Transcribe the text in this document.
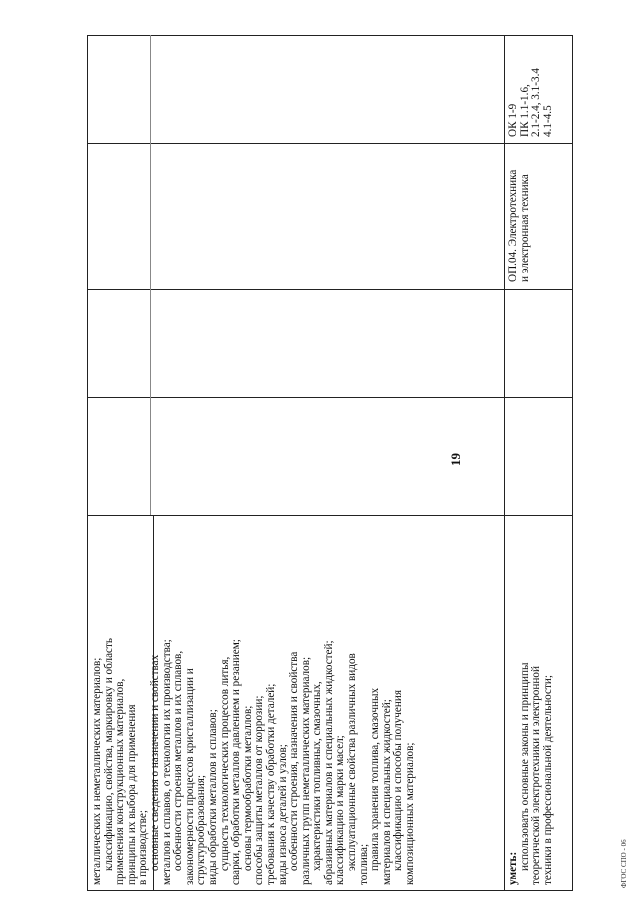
19
металлических и неметаллических материалов; классификацию, свойства, маркировку и область применения конструкционных материалов, принципы их выбора для применения в производстве; основные сведения о назначении и свойствах металлов и сплавов, о технологии их производства; особенности строения металлов и их сплавов, закономерности процессов кристаллизации и структурообразования; виды обработки металлов и сплавов; сущность технологических процессов литья, сварки, обработки металлов давлением и резанием; основы термообработки металлов; способы защиты металлов от коррозии; требования к качеству обработки деталей; виды износа деталей и узлов; особенности строения, назначения и свойства различных групп неметаллических материалов; характеристики топливных, смазочных, абразивных материалов и специальных жидкостей; классификацию и марки масел; эксплуатационные свойства различных видов топлива; правила хранения топлива, смазочных материалов и специальных жидкостей; классификацию и способы получения композиционных материалов;	уметь: использовать основные законы и принципы теоретической электротехники и электронной техники в профессиональной деятельности;
ОП.04. Электротехника и электронная техника
ОК 1-9 ПК 1.1-1.6, 2.1-2.4, 3.1-3.4 4.1-4.5
ФГОС СПО - 06
